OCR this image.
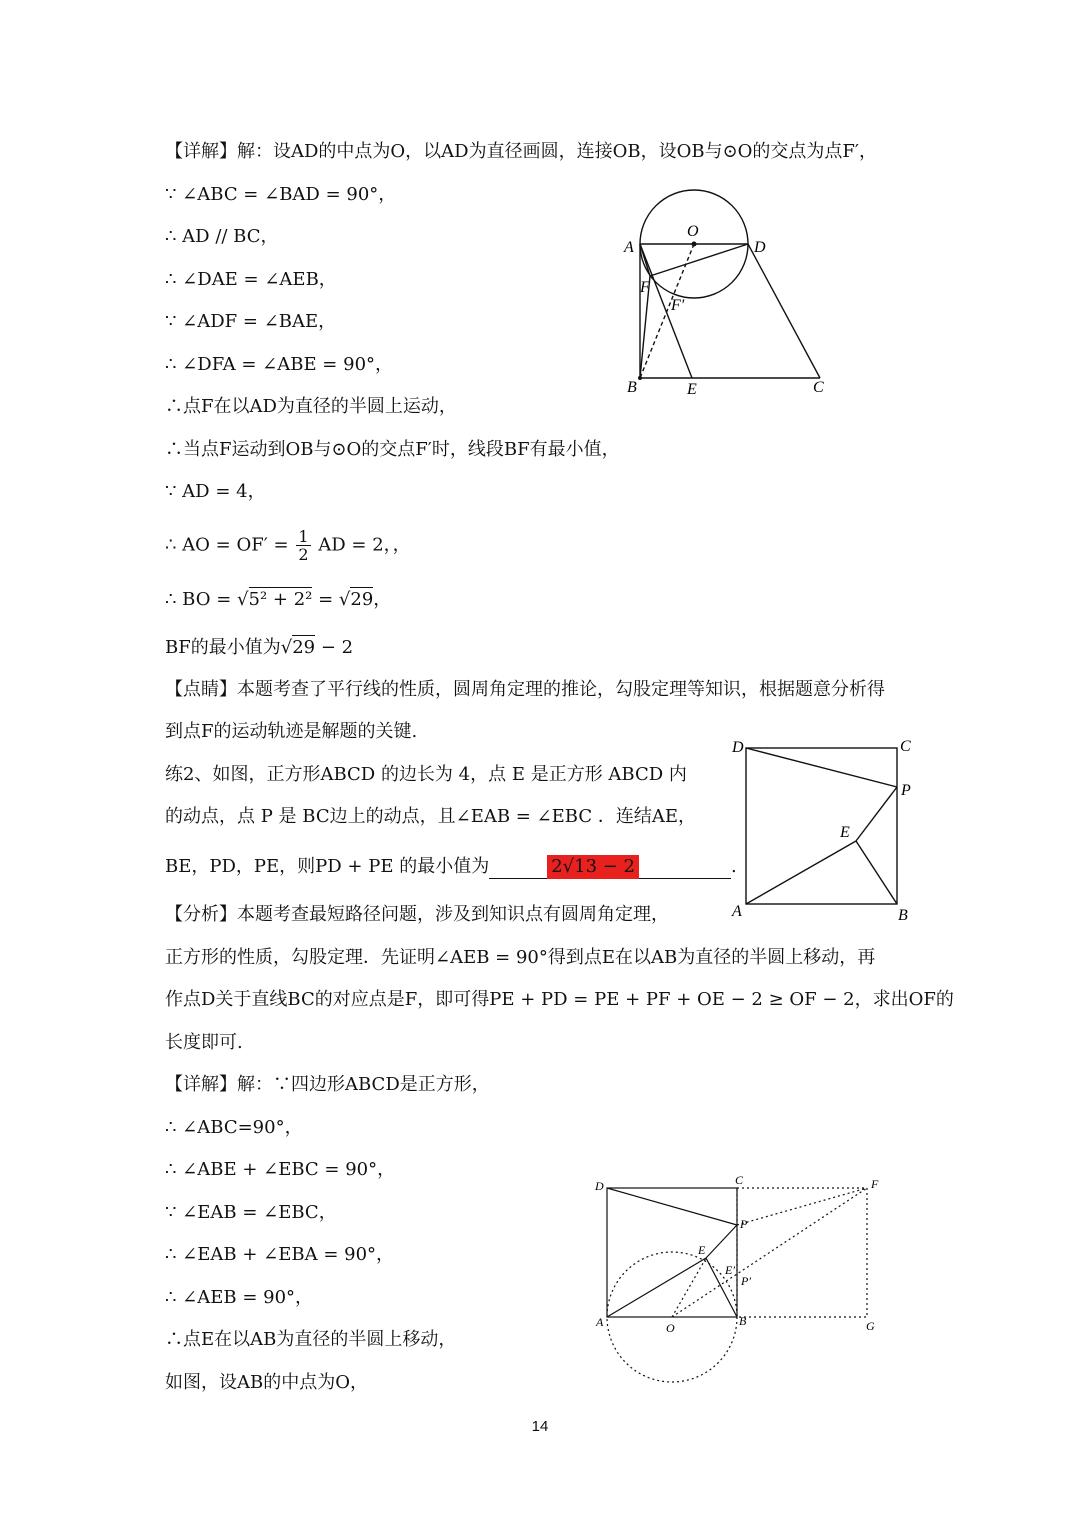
【详解】解：设AD的中点为O，以AD为直径画圆，连接OB，设OB与⊙O的交点为点F′，
∵ ∠ABC = ∠BAD = 90°，
∴ AD // BC，
∴ ∠DAE = ∠AEB，
∵ ∠ADF = ∠BAE，
∴ ∠DFA = ∠ABE = 90°，
∴点F在以AD为直径的半圆上运动，
∴当点F运动到OB与⊙O的交点F′时，线段BF有最小值，
∵ AD = 4，
∴ AO = $OF' = \frac{1}{2}$ AD = 2，，
∴ BO = √5² + 2² = √29，
BF的最小值为√29 − 2
【点睛】本题考查了平行线的性质，圆周角定理的推论，勾股定理等知识，根据题意分析得
到点F的运动轨迹是解题的关键.
练2、如图，正方形ABCD 的边长为 4，点 E 是正方形 ABCD 内
的动点，点 P 是 BC边上的动点，且∠EAB = ∠EBC ．连结AE，
BE，PD，PE，则PD + PE 的最小值为	2√13 − 2	.
【分析】本题考查最短路径问题，涉及到知识点有圆周角定理，
正方形的性质，勾股定理．先证明∠AEB = 90°得到点E在以AB为直径的半圆上移动，再
作点D关于直线BC的对应点是F，即可得PE + PD = PE + PF + OE − 2 ≥ OF − 2，求出OF的
长度即可.
【详解】解：∵四边形ABCD是正方形，
∴ ∠ABC=90°，
∴ ∠ABE + ∠EBC = 90°，
∵ ∠EAB = ∠EBC，
∴ ∠EAB + ∠EBA = 90°，
∴ ∠AEB = 90°，
∴点E在以AB为直径的半圆上移动，
如图，设AB的中点为O，
A
O
D
F
F′
B	E	C
D	C
P
E
A	B
D	C	F
P
E
E′
P′
A	O	B	G
14
